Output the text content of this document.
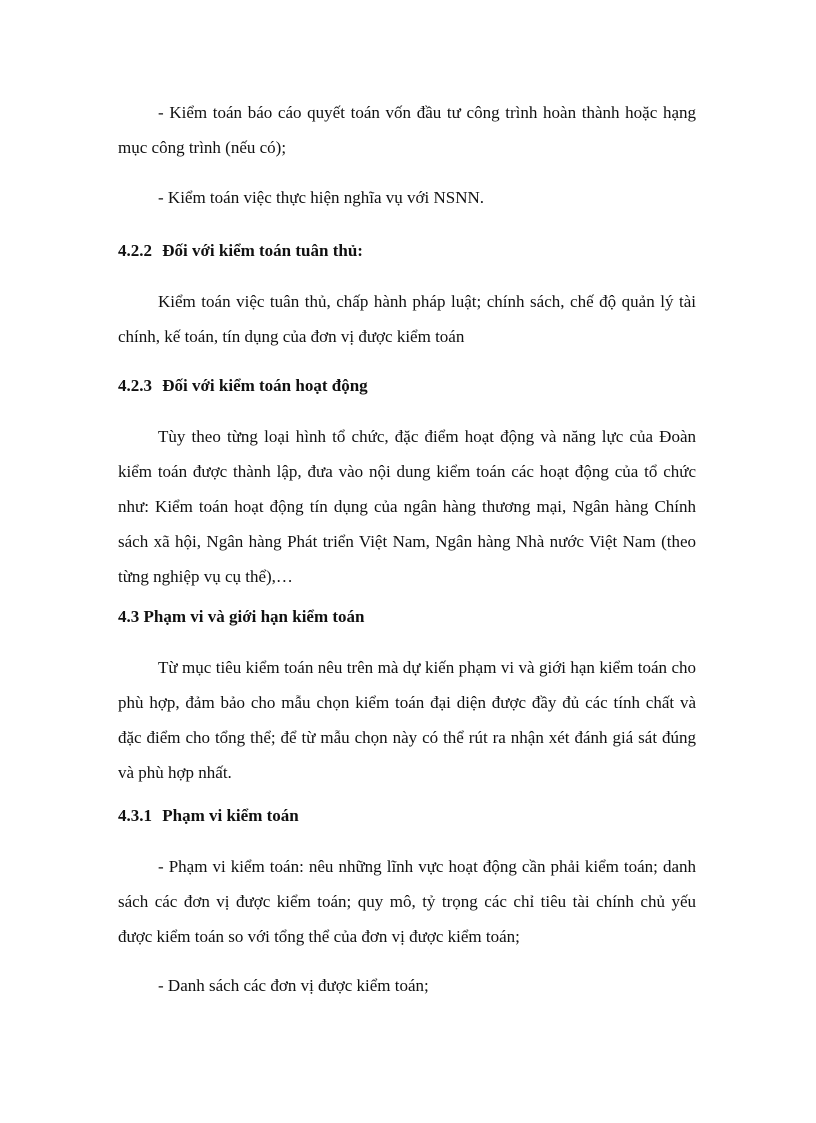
- Kiểm toán báo cáo quyết toán vốn đầu tư công trình hoàn thành hoặc hạng mục công trình (nếu có);

- Kiểm toán việc thực hiện nghĩa vụ với NSNN.

4.2.2 Đối với kiểm toán tuân thủ:

Kiểm toán việc tuân thủ, chấp hành pháp luật; chính sách, chế độ quản lý tài chính, kế toán, tín dụng của đơn vị được kiểm toán

4.2.3 Đối với kiểm toán hoạt động

Tùy theo từng loại hình tổ chức, đặc điểm hoạt động và năng lực của Đoàn kiểm toán được thành lập, đưa vào nội dung kiểm toán các hoạt động của tổ chức như: Kiểm toán hoạt động tín dụng của ngân hàng thương mại, Ngân hàng Chính sách xã hội, Ngân hàng Phát triển Việt Nam, Ngân hàng Nhà nước Việt Nam (theo từng nghiệp vụ cụ thể),…

4.3 Phạm vi và giới hạn kiểm toán

Từ mục tiêu kiểm toán nêu trên mà dự kiến phạm vi và giới hạn kiểm toán cho phù hợp, đảm bảo cho mẫu chọn kiểm toán đại diện được đầy đủ các tính chất và đặc điểm cho tổng thể; để từ mẫu chọn này có thể rút ra nhận xét đánh giá sát đúng và phù hợp nhất.

4.3.1 Phạm vi kiểm toán

- Phạm vi kiểm toán: nêu những lĩnh vực hoạt động cần phải kiểm toán; danh sách các đơn vị được kiểm toán; quy mô, tỷ trọng các chỉ tiêu tài chính chủ yếu được kiểm toán so với tổng thể của đơn vị được kiểm toán;

- Danh sách các đơn vị được kiểm toán;
